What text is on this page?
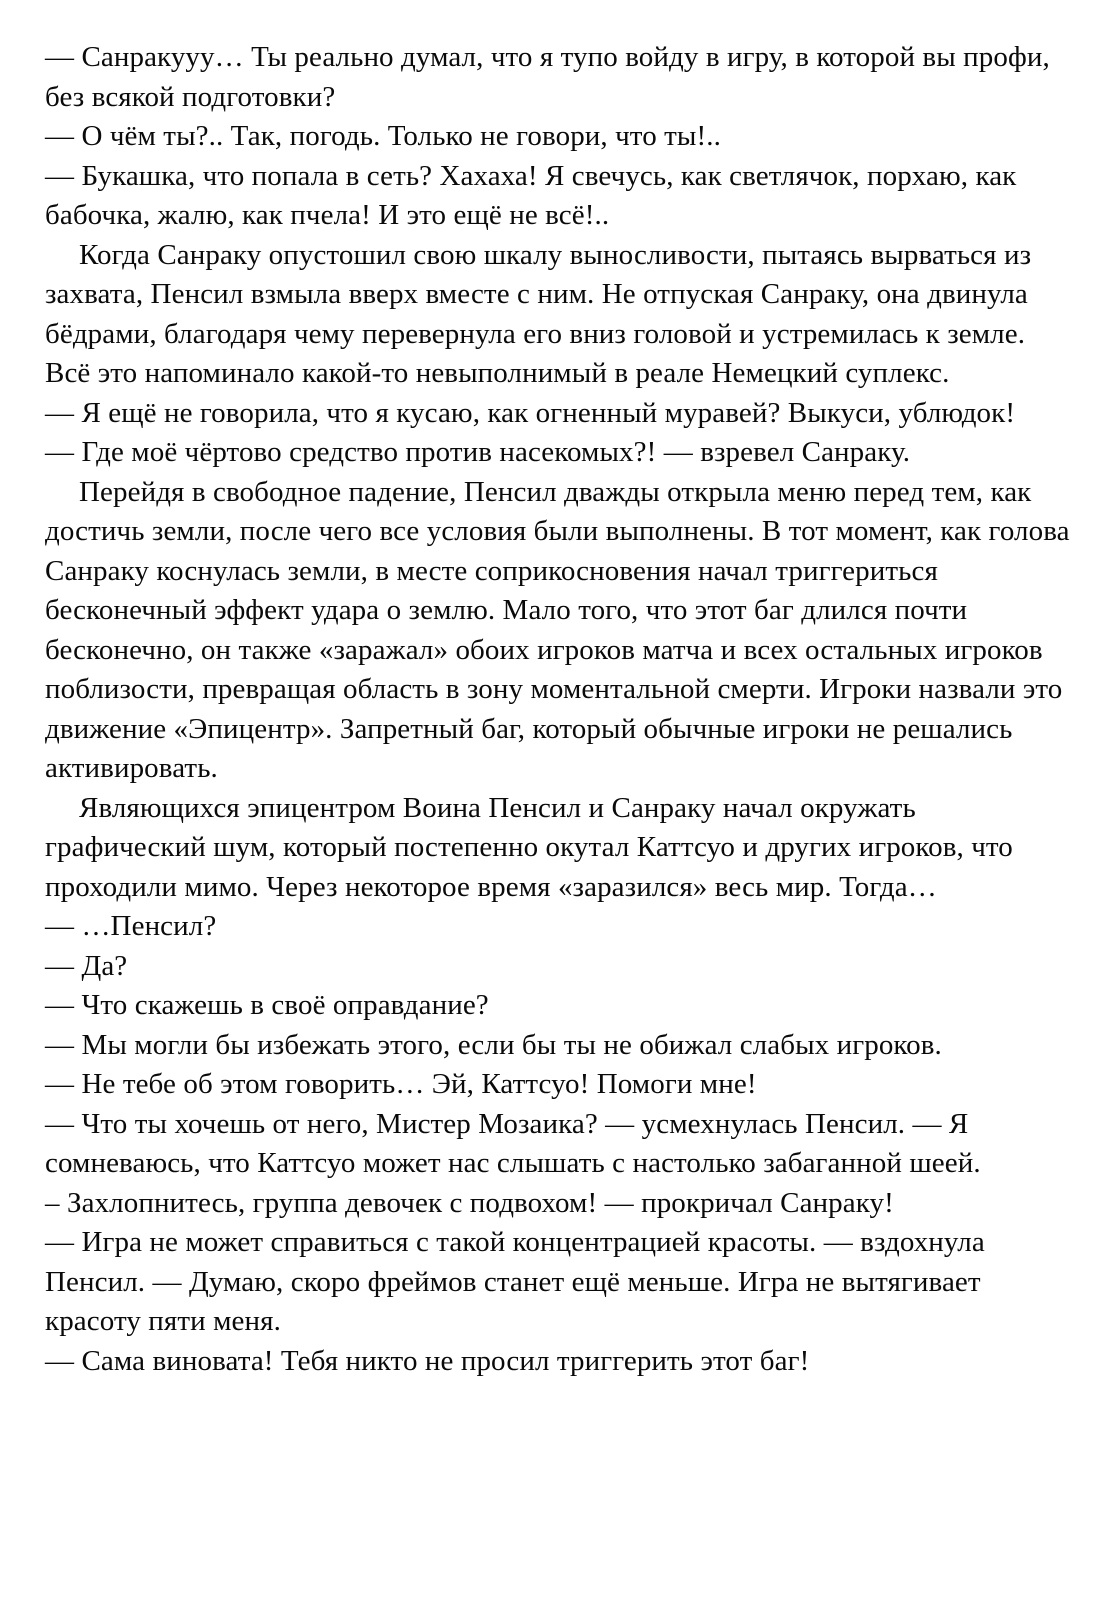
— Санракууу… Ты реально думал, что я тупо войду в игру, в которой вы профи, без всякой подготовки?

— О чём ты?.. Так, погодь. Только не говори, что ты!..

— Букашка, что попала в сеть? Хахаха! Я свечусь, как светлячок, порхаю, как бабочка, жалю, как пчела! И это ещё не всё!..

Когда Санраку опустошил свою шкалу выносливости, пытаясь вырваться из захвата, Пенсил взмыла вверх вместе с ним. Не отпуская Санраку, она двинула бёдрами, благодаря чему перевернула его вниз головой и устремилась к земле. Всё это напоминало какой-то невыполнимый в реале Немецкий суплекс.

— Я ещё не говорила, что я кусаю, как огненный муравей? Выкуси, ублюдок!

— Где моё чёртово средство против насекомых?! — взревел Санраку.

Перейдя в свободное падение, Пенсил дважды открыла меню перед тем, как достичь земли, после чего все условия были выполнены. В тот момент, как голова Санраку коснулась земли, в месте соприкосновения начал триггериться бесконечный эффект удара о землю. Мало того, что этот баг длился почти бесконечно, он также «заражал» обоих игроков матча и всех остальных игроков поблизости, превращая область в зону моментальной смерти. Игроки назвали это движение «Эпицентр». Запретный баг, который обычные игроки не решались активировать.

Являющихся эпицентром Воина Пенсил и Санраку начал окружать графический шум, который постепенно окутал Каттсуо и других игроков, что проходили мимо. Через некоторое время «заразился» весь мир. Тогда…

— …Пенсил?

— Да?

— Что скажешь в своё оправдание?

— Мы могли бы избежать этого, если бы ты не обижал слабых игроков.

— Не тебе об этом говорить… Эй, Каттсуо! Помоги мне!

— Что ты хочешь от него, Мистер Мозаика? — усмехнулась Пенсил. — Я сомневаюсь, что Каттсуо может нас слышать с настолько забаганной шеей.

– Захлопнитесь, группа девочек с подвохом! — прокричал Санраку!

— Игра не может справиться с такой концентрацией красоты. — вздохнула Пенсил. — Думаю, скоро фреймов станет ещё меньше. Игра не вытягивает красоту пяти меня.

— Сама виновата! Тебя никто не просил триггерить этот баг!
